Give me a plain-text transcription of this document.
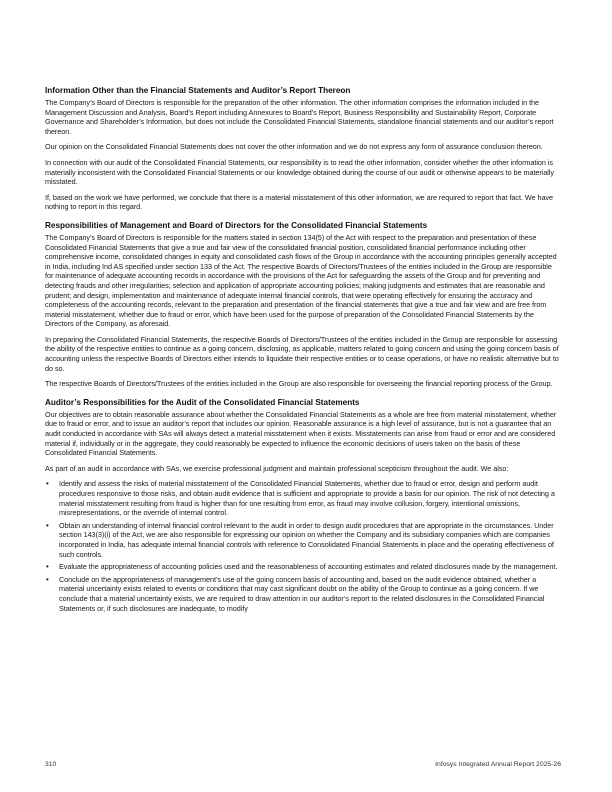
Information Other than the Financial Statements and Auditor’s Report Thereon

The Company’s Board of Directors is responsible for the preparation of the other information. The other information comprises the information included in the Management Discussion and Analysis, Board’s Report including Annexures to Board’s Report, Business Responsibility and Sustainability Report, Corporate Governance and Shareholder’s Information, but does not include the Consolidated Financial Statements, standalone financial statements and our auditor’s report thereon.

Our opinion on the Consolidated Financial Statements does not cover the other information and we do not express any form of assurance conclusion thereon.

In connection with our audit of the Consolidated Financial Statements, our responsibility is to read the other information, consider whether the other information is materially inconsistent with the Consolidated Financial Statements or our knowledge obtained during the course of our audit or otherwise appears to be materially misstated.

If, based on the work we have performed, we conclude that there is a material misstatement of this other information, we are required to report that fact. We have nothing to report in this regard.

Responsibilities of Management and Board of Directors for the Consolidated Financial Statements

The Company’s Board of Directors is responsible for the matters stated in section 134(5) of the Act with respect to the preparation and presentation of these Consolidated Financial Statements that give a true and fair view of the consolidated financial position, consolidated financial performance including other comprehensive income, consolidated changes in equity and consolidated cash flows of the Group in accordance with the accounting principles generally accepted in India, including Ind AS specified under section 133 of the Act. The respective Boards of Directors/Trustees of the entities included in the Group are responsible for maintenance of adequate accounting records in accordance with the provisions of the Act for safeguarding the assets of the Group and for preventing and detecting frauds and other irregularities; selection and application of appropriate accounting policies; making judgments and estimates that are reasonable and prudent; and design, implementation and maintenance of adequate internal financial controls, that were operating effectively for ensuring the accuracy and completeness of the accounting records, relevant to the preparation and presentation of the financial statements that give a true and fair view and are free from material misstatement, whether due to fraud or error, which have been used for the purpose of preparation of the Consolidated Financial Statements by the Directors of the Company, as aforesaid.

In preparing the Consolidated Financial Statements, the respective Boards of Directors/Trustees of the entities included in the Group are responsible for assessing the ability of the respective entities to continue as a going concern, disclosing, as applicable, matters related to going concern and using the going concern basis of accounting unless the respective Boards of Directors either intends to liquidate their respective entities or to cease operations, or have no realistic alternative but to do so.

The respective Boards of Directors/Trustees of the entities included in the Group are also responsible for overseeing the financial reporting process of the Group.

Auditor’s Responsibilities for the Audit of the Consolidated Financial Statements

Our objectives are to obtain reasonable assurance about whether the Consolidated Financial Statements as a whole are free from material misstatement, whether due to fraud or error, and to issue an auditor’s report that includes our opinion. Reasonable assurance is a high level of assurance, but is not a guarantee that an audit conducted in accordance with SAs will always detect a material misstatement when it exists. Misstatements can arise from fraud or error and are considered material if, individually or in the aggregate, they could reasonably be expected to influence the economic decisions of users taken on the basis of these Consolidated Financial Statements.

As part of an audit in accordance with SAs, we exercise professional judgment and maintain professional scepticism throughout the audit. We also:

• Identify and assess the risks of material misstatement of the Consolidated Financial Statements, whether due to fraud or error, design and perform audit procedures responsive to those risks, and obtain audit evidence that is sufficient and appropriate to provide a basis for our opinion. The risk of not detecting a material misstatement resulting from fraud is higher than for one resulting from error, as fraud may involve collusion, forgery, intentional omissions, misrepresentations, or the override of internal control.
• Obtain an understanding of internal financial control relevant to the audit in order to design audit procedures that are appropriate in the circumstances. Under section 143(3)(i) of the Act, we are also responsible for expressing our opinion on whether the Company and its subsidiary companies which are companies incorporated in India, has adequate internal financial controls with reference to Consolidated Financial Statements in place and the operating effectiveness of such controls.
• Evaluate the appropriateness of accounting policies used and the reasonableness of accounting estimates and related disclosures made by the management.
• Conclude on the appropriateness of management’s use of the going concern basis of accounting and, based on the audit evidence obtained, whether a material uncertainty exists related to events or conditions that may cast significant doubt on the ability of the Group to continue as a going concern. If we conclude that a material uncertainty exists, we are required to draw attention in our auditor’s report to the related disclosures in the Consolidated Financial Statements or, if such disclosures are inadequate, to modify
310	Infosys Integrated Annual Report 2025-26
